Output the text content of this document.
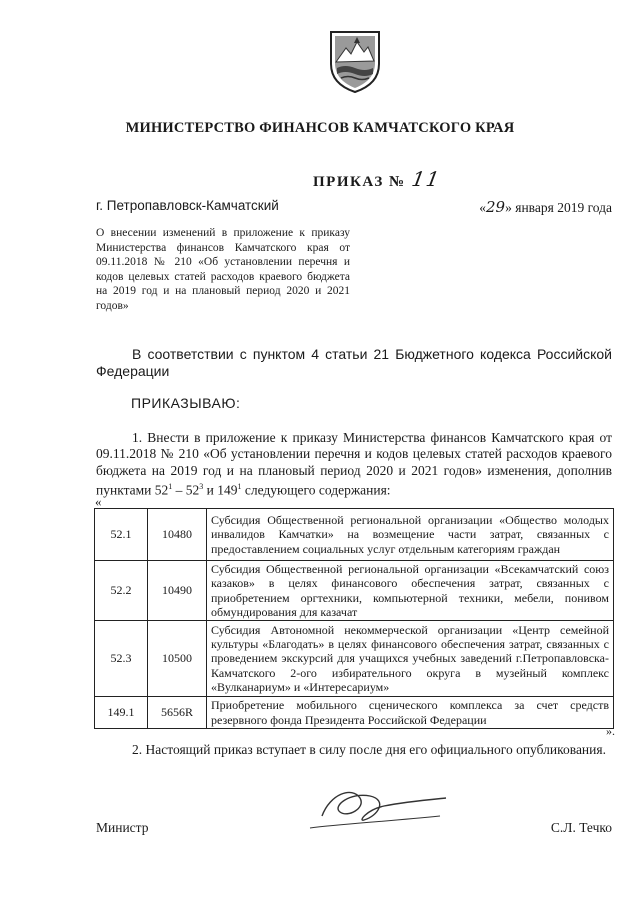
МИНИСТЕРСТВО ФИНАНСОВ КАМЧАТСКОГО КРАЯ
ПРИКАЗ № 11
г. Петропавловск-Камчатский	«29» января 2019 года
О внесении изменений в приложение к приказу Министерства финансов Камчатского края от 09.11.2018 № 210 «Об установлении перечня и кодов целевых статей расходов краевого бюджета на 2019 год и на плановый период 2020 и 2021 годов»
В соответствии с пунктом 4 статьи 21 Бюджетного кодекса Российской Федерации
ПРИКАЗЫВАЮ:
1. Внести в приложение к приказу Министерства финансов Камчатского края от 09.11.2018 № 210 «Об установлении перечня и кодов целевых статей расходов краевого бюджета на 2019 год и на плановый период 2020 и 2021 годов» изменения, дополнив пунктами $52^1 - 52^3$ и $149^1$ следующего содержания:
«
52.1	10480	Субсидия Общественной региональной организации «Общество молодых инвалидов Камчатки» на возмещение части затрат, связанных с предоставлением социальных услуг отдельным категориям граждан
52.2	10490	Субсидия Общественной региональной организации «Всекамчатский союз казаков» в целях финансового обеспечения затрат, связанных с приобретением оргтехники, компьютерной техники, мебели, понивом обмундирования для казачат
52.3	10500	Субсидия Автономной некоммерческой организации «Центр семейной культуры «Благодать» в целях финансового обеспечения затрат, связанных с проведением экскурсий для учащихся учебных заведений г.Петропавловска-Камчатского 2-ого избирательного округа в музейный комплекс «Вулканариум» и «Интересариум»
149.1	5656R	Приобретение мобильного сценического комплекса за счет средств резервного фонда Президента Российской Федерации
».
2. Настоящий приказ вступает в силу после дня его официального опубликования.
Министр	С.Л. Течко
